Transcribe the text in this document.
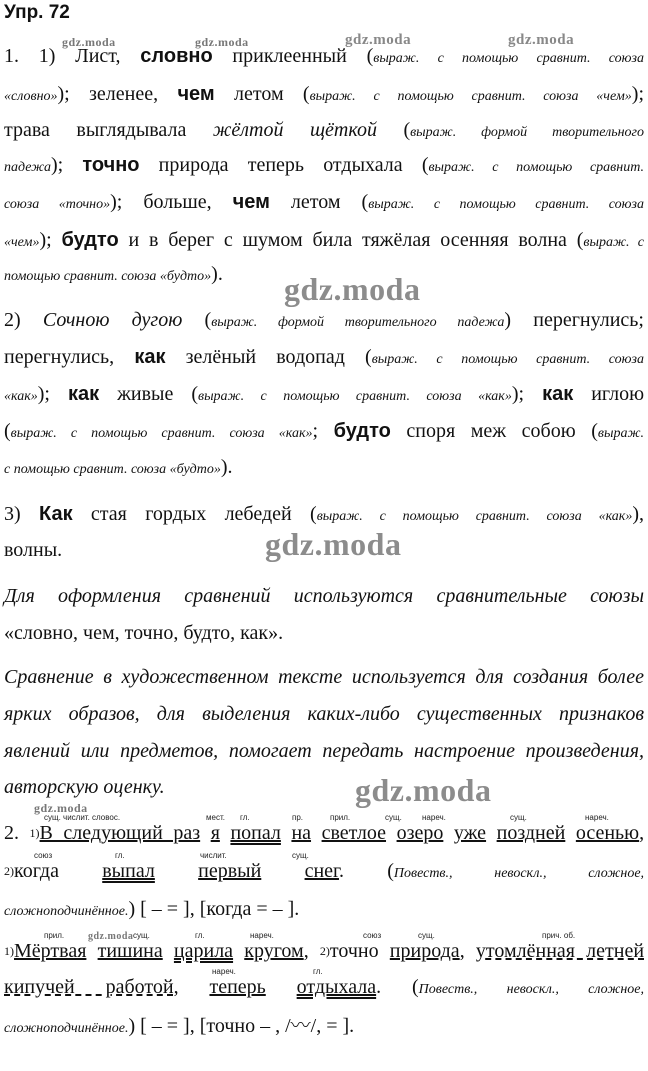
Упр. 72
gdz.moda	gdz.moda	gdz.moda	gdz.moda
gdz.moda
gdz.moda
gdz.moda
gdz.moda
gdz.moda
1. 1) Лист, словно приклеенный (выраж. с помощью сравнит. союза
«словно»); зеленее, чем летом (выраж. с помощью сравнит. союза «чем»);
трава выглядывала жёлтой щёткой (выраж. формой творительного
падежа); точно природа теперь отдыхала (выраж. с помощью сравнит.
союза «точно»); больше, чем летом (выраж. с помощью сравнит. союза
«чем»); будто и в берег с шумом била тяжёлая осенняя волна (выраж. с
помощью сравнит. союза «будто»).
2) Сочною дугою (выраж. формой творительного падежа) перегнулись;
перегнулись, как зелёный водопад (выраж. с помощью сравнит. союза
«как»); как живые (выраж. с помощью сравнит. союза «как»); как иглою
(выраж. с помощью сравнит. союза «как»; будто споря меж собою (выраж.
с помощью сравнит. союза «будто»).
3) Как стая гордых лебедей (выраж. с помощью сравнит. союза «как»),
волны.
Для оформления сравнений используются сравнительные союзы
«словно, чем, точно, будто, как».
Сравнение в художественном тексте используется для создания более
ярких образов, для выделения каких-либо существенных признаков
явлений или предметов, помогает передать настроение произведения,
авторскую оценку.
сущ. числит. словос.	мест. гл.	пр.	прил.	сущ.	нареч.	сущ.	нареч.
2. $^{1)}$В следующий раз я попал на светлое озеро уже поздней осенью,
союз	гл.	числит.	сущ.
$^{2)}$когда выпал первый снег. (Повеств., невоскл., сложное,
сложноподчинённое.) [ – = ], [когда = – ].
прил.	сущ.	гл.	нареч.	союз	сущ.	прич. об.
$^{1)}$Мёртвая тишина царила кругом, $^{2)}$точно природа, утомлённая летней
нареч.	гл.
кипучей работой, теперь отдыхала. (Повеств., невоскл., сложное,
сложноподчинённое.) [ – = ], [точно – , /〰/, = ].
